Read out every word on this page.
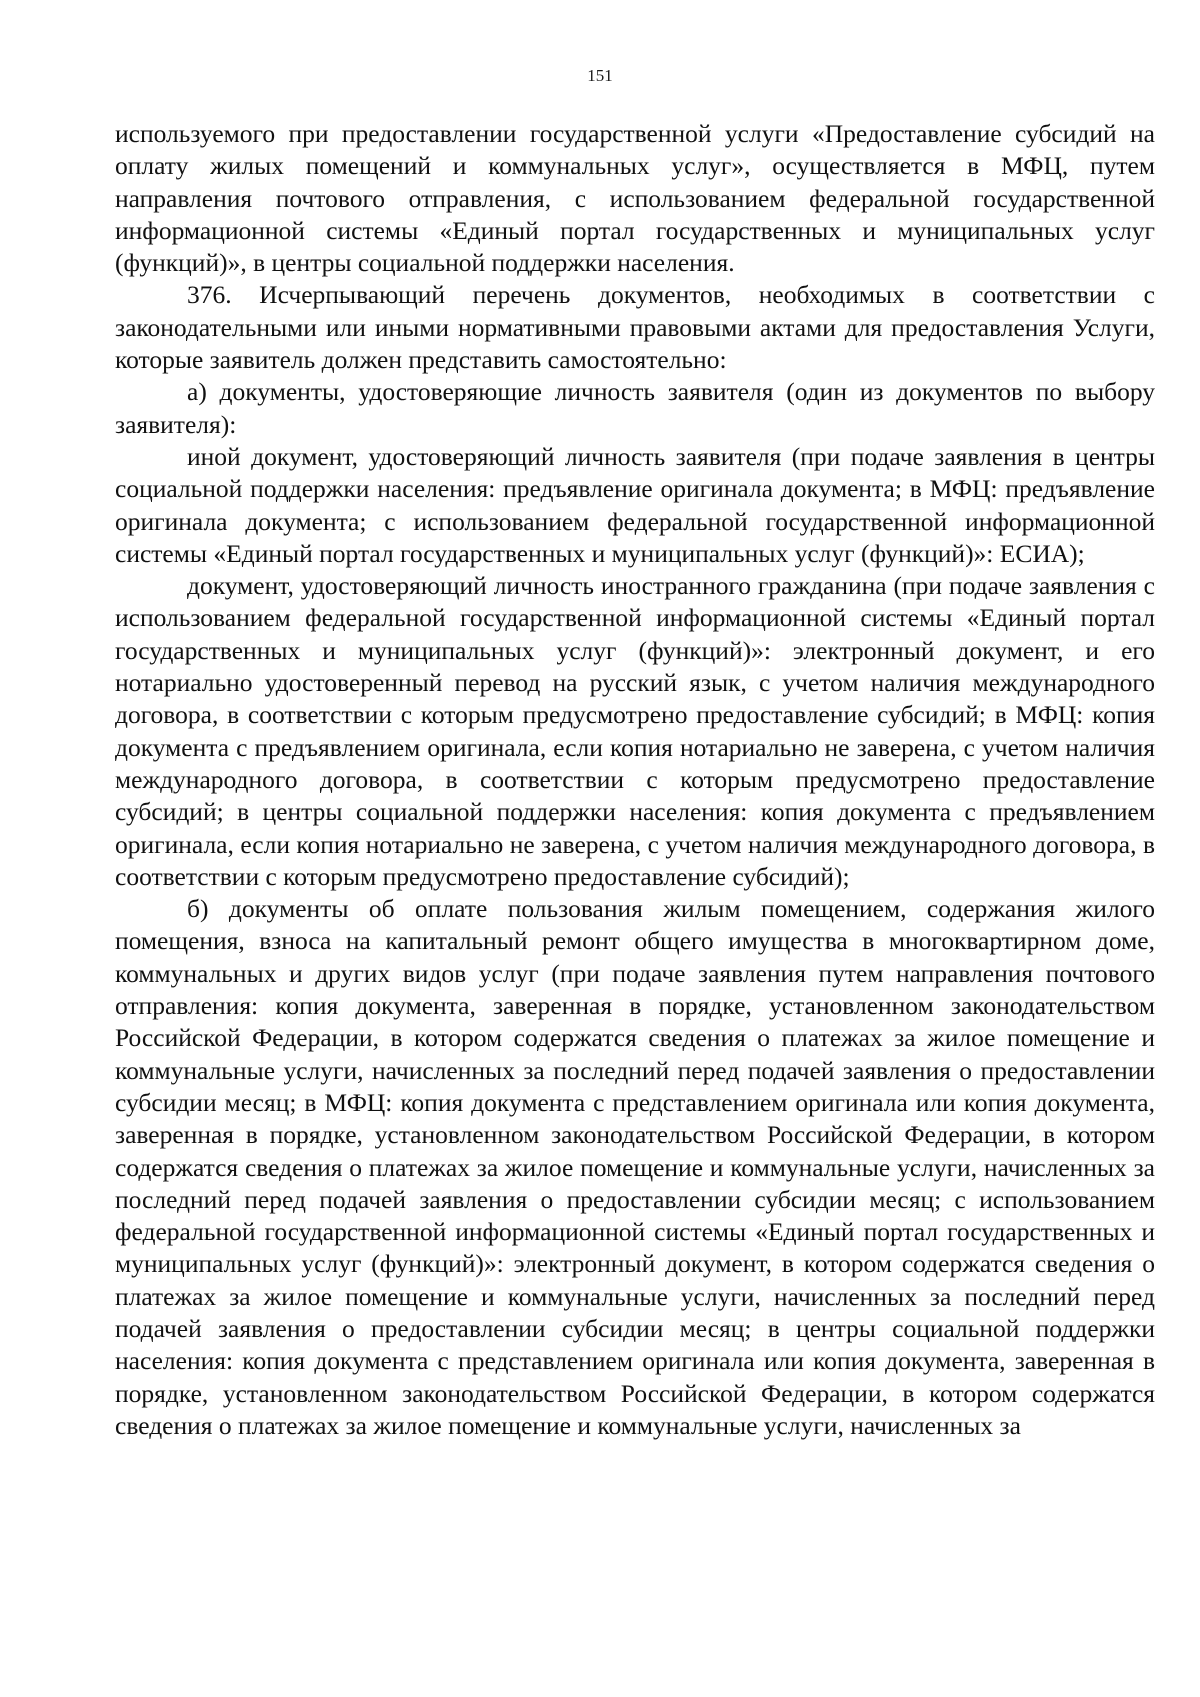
151

используемого при предоставлении государственной услуги «Предоставление субсидий на оплату жилых помещений и коммунальных услуг», осуществляется в МФЦ, путем направления почтового отправления, с использованием федеральной государственной информационной системы «Единый портал государственных и муниципальных услуг (функций)», в центры социальной поддержки населения.

376. Исчерпывающий перечень документов, необходимых в соответствии с законодательными или иными нормативными правовыми актами для предоставления Услуги, которые заявитель должен представить самостоятельно:

а) документы, удостоверяющие личность заявителя (один из документов по выбору заявителя):

иной документ, удостоверяющий личность заявителя (при подаче заявления в центры социальной поддержки населения: предъявление оригинала документа; в МФЦ: предъявление оригинала документа; с использованием федеральной государственной информационной системы «Единый портал государственных и муниципальных услуг (функций)»: ЕСИА);

документ, удостоверяющий личность иностранного гражданина (при подаче заявления с использованием федеральной государственной информационной системы «Единый портал государственных и муниципальных услуг (функций)»: электронный документ, и его нотариально удостоверенный перевод на русский язык, с учетом наличия международного договора, в соответствии с которым предусмотрено предоставление субсидий; в МФЦ: копия документа с предъявлением оригинала, если копия нотариально не заверена, с учетом наличия международного договора, в соответствии с которым предусмотрено предоставление субсидий; в центры социальной поддержки населения: копия документа с предъявлением оригинала, если копия нотариально не заверена, с учетом наличия международного договора, в соответствии с которым предусмотрено предоставление субсидий);

б) документы об оплате пользования жилым помещением, содержания жилого помещения, взноса на капитальный ремонт общего имущества в многоквартирном доме, коммунальных и других видов услуг (при подаче заявления путем направления почтового отправления: копия документа, заверенная в порядке, установленном законодательством Российской Федерации, в котором содержатся сведения о платежах за жилое помещение и коммунальные услуги, начисленных за последний перед подачей заявления о предоставлении субсидии месяц; в МФЦ: копия документа с представлением оригинала или копия документа, заверенная в порядке, установленном законодательством Российской Федерации, в котором содержатся сведения о платежах за жилое помещение и коммунальные услуги, начисленных за последний перед подачей заявления о предоставлении субсидии месяц; с использованием федеральной государственной информационной системы «Единый портал государственных и муниципальных услуг (функций)»: электронный документ, в котором содержатся сведения о платежах за жилое помещение и коммунальные услуги, начисленных за последний перед подачей заявления о предоставлении субсидии месяц; в центры социальной поддержки населения: копия документа с представлением оригинала или копия документа, заверенная в порядке, установленном законодательством Российской Федерации, в котором содержатся сведения о платежах за жилое помещение и коммунальные услуги, начисленных за
